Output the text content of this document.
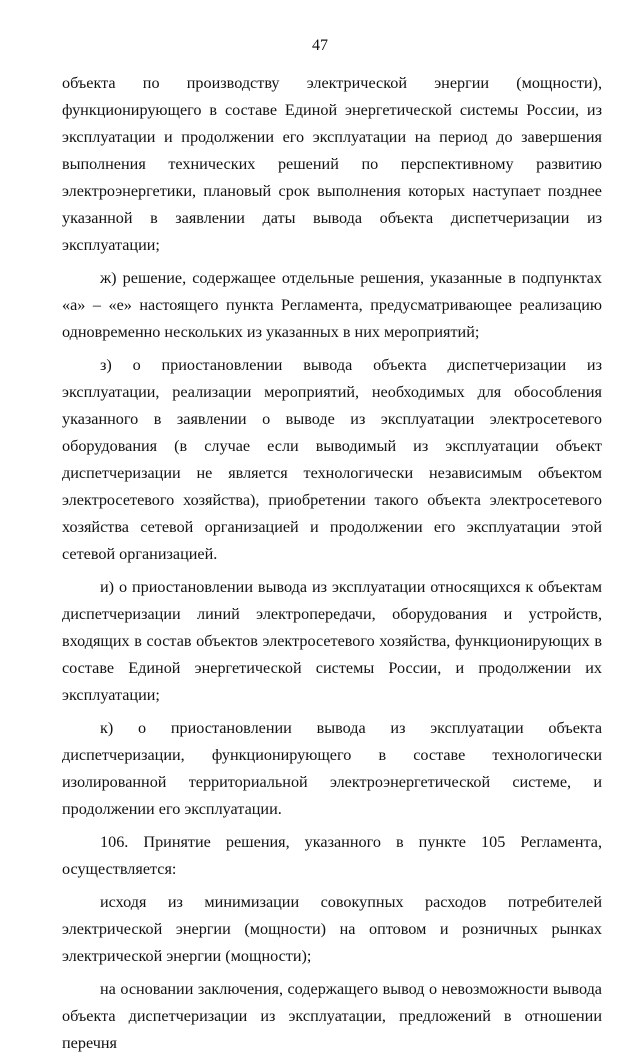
47

объекта по производству электрической энергии (мощности), функционирующего в составе Единой энергетической системы России, из эксплуатации и продолжении его эксплуатации на период до завершения выполнения технических решений по перспективному развитию электроэнергетики, плановый срок выполнения которых наступает позднее указанной в заявлении даты вывода объекта диспетчеризации из эксплуатации;

ж) решение, содержащее отдельные решения, указанные в подпунктах «а» – «е» настоящего пункта Регламента, предусматривающее реализацию одновременно нескольких из указанных в них мероприятий;

з) о приостановлении вывода объекта диспетчеризации из эксплуатации, реализации мероприятий, необходимых для обособления указанного в заявлении о выводе из эксплуатации электросетевого оборудования (в случае если выводимый из эксплуатации объект диспетчеризации не является технологически независимым объектом электросетевого хозяйства), приобретении такого объекта электросетевого хозяйства сетевой организацией и продолжении его эксплуатации этой сетевой организацией.

и) о приостановлении вывода из эксплуатации относящихся к объектам диспетчеризации линий электропередачи, оборудования и устройств, входящих в состав объектов электросетевого хозяйства, функционирующих в составе Единой энергетической системы России, и продолжении их эксплуатации;

к) о приостановлении вывода из эксплуатации объекта диспетчеризации, функционирующего в составе технологически изолированной территориальной электроэнергетической системе, и продолжении его эксплуатации.

106. Принятие решения, указанного в пункте 105 Регламента, осуществляется:

исходя из минимизации совокупных расходов потребителей электрической энергии (мощности) на оптовом и розничных рынках электрической энергии (мощности);

на основании заключения, содержащего вывод о невозможности вывода объекта диспетчеризации из эксплуатации, предложений в отношении перечня
